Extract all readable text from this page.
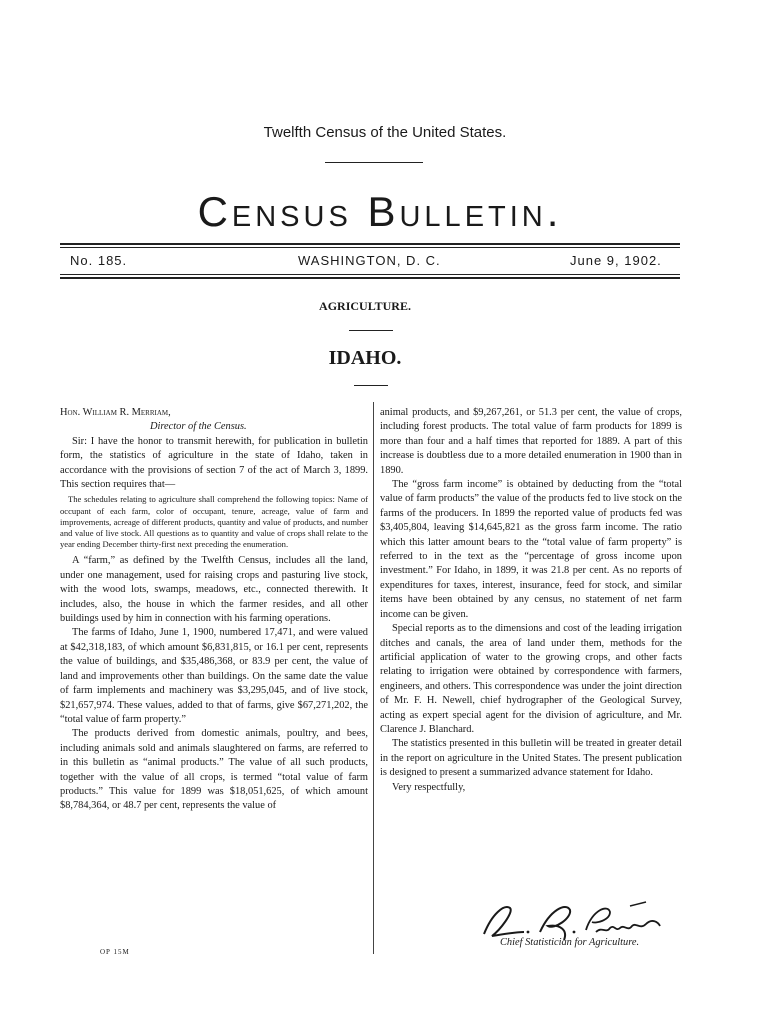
Twelfth Census of the United States.
Census Bulletin.
No. 185.	WASHINGTON, D. C.	June 9, 1902.
AGRICULTURE.
IDAHO.
Hon. William R. Merriam,
Director of the Census.

Sir: I have the honor to transmit herewith, for publication in bulletin form, the statistics of agriculture in the state of Idaho, taken in accordance with the provisions of section 7 of the act of March 3, 1899. This section requires that—

The schedules relating to agriculture shall comprehend the following topics: Name of occupant of each farm, color of occupant, tenure, acreage, value of farm and improvements, acreage of different products, quantity and value of products, and number and value of live stock. All questions as to quantity and value of crops shall relate to the year ending December thirty-first next preceding the enumeration.

A “farm,” as defined by the Twelfth Census, includes all the land, under one management, used for raising crops and pasturing live stock, with the wood lots, swamps, meadows, etc., connected therewith. It includes, also, the house in which the farmer resides, and all other buildings used by him in connection with his farming operations.

The farms of Idaho, June 1, 1900, numbered 17,471, and were valued at $42,318,183, of which amount $6,831,815, or 16.1 per cent, represents the value of buildings, and $35,486,368, or 83.9 per cent, the value of land and improvements other than buildings. On the same date the value of farm implements and machinery was $3,295,045, and of live stock, $21,657,974. These values, added to that of farms, give $67,271,202, the “total value of farm property.”

The products derived from domestic animals, poultry, and bees, including animals sold and animals slaughtered on farms, are referred to in this bulletin as “animal products.” The value of all such products, together with the value of all crops, is termed “total value of farm products.” This value for 1899 was $18,051,625, of which amount $8,784,364, or 48.7 per cent, represents the value of

animal products, and $9,267,261, or 51.3 per cent, the value of crops, including forest products. The total value of farm products for 1899 is more than four and a half times that reported for 1889. A part of this increase is doubtless due to a more detailed enumeration in 1900 than in 1890.

The “gross farm income” is obtained by deducting from the “total value of farm products” the value of the products fed to live stock on the farms of the producers. In 1899 the reported value of products fed was $3,405,804, leaving $14,645,821 as the gross farm income. The ratio which this latter amount bears to the “total value of farm property” is referred to in the text as the “percentage of gross income upon investment.” For Idaho, in 1899, it was 21.8 per cent. As no reports of expenditures for taxes, interest, insurance, feed for stock, and similar items have been obtained by any census, no statement of net farm income can be given.

Special reports as to the dimensions and cost of the leading irrigation ditches and canals, the area of land under them, methods for the artificial application of water to the growing crops, and other facts relating to irrigation were obtained by correspondence with farmers, engineers, and others. This correspondence was under the joint direction of Mr. F. H. Newell, chief hydrographer of the Geological Survey, acting as expert special agent for the division of agriculture, and Mr. Clarence J. Blanchard.

The statistics presented in this bulletin will be treated in greater detail in the report on agriculture in the United States. The present publication is designed to present a summarized advance statement for Idaho.

Very respectfully,

Chief Statistician for Agriculture.
OP 15M
